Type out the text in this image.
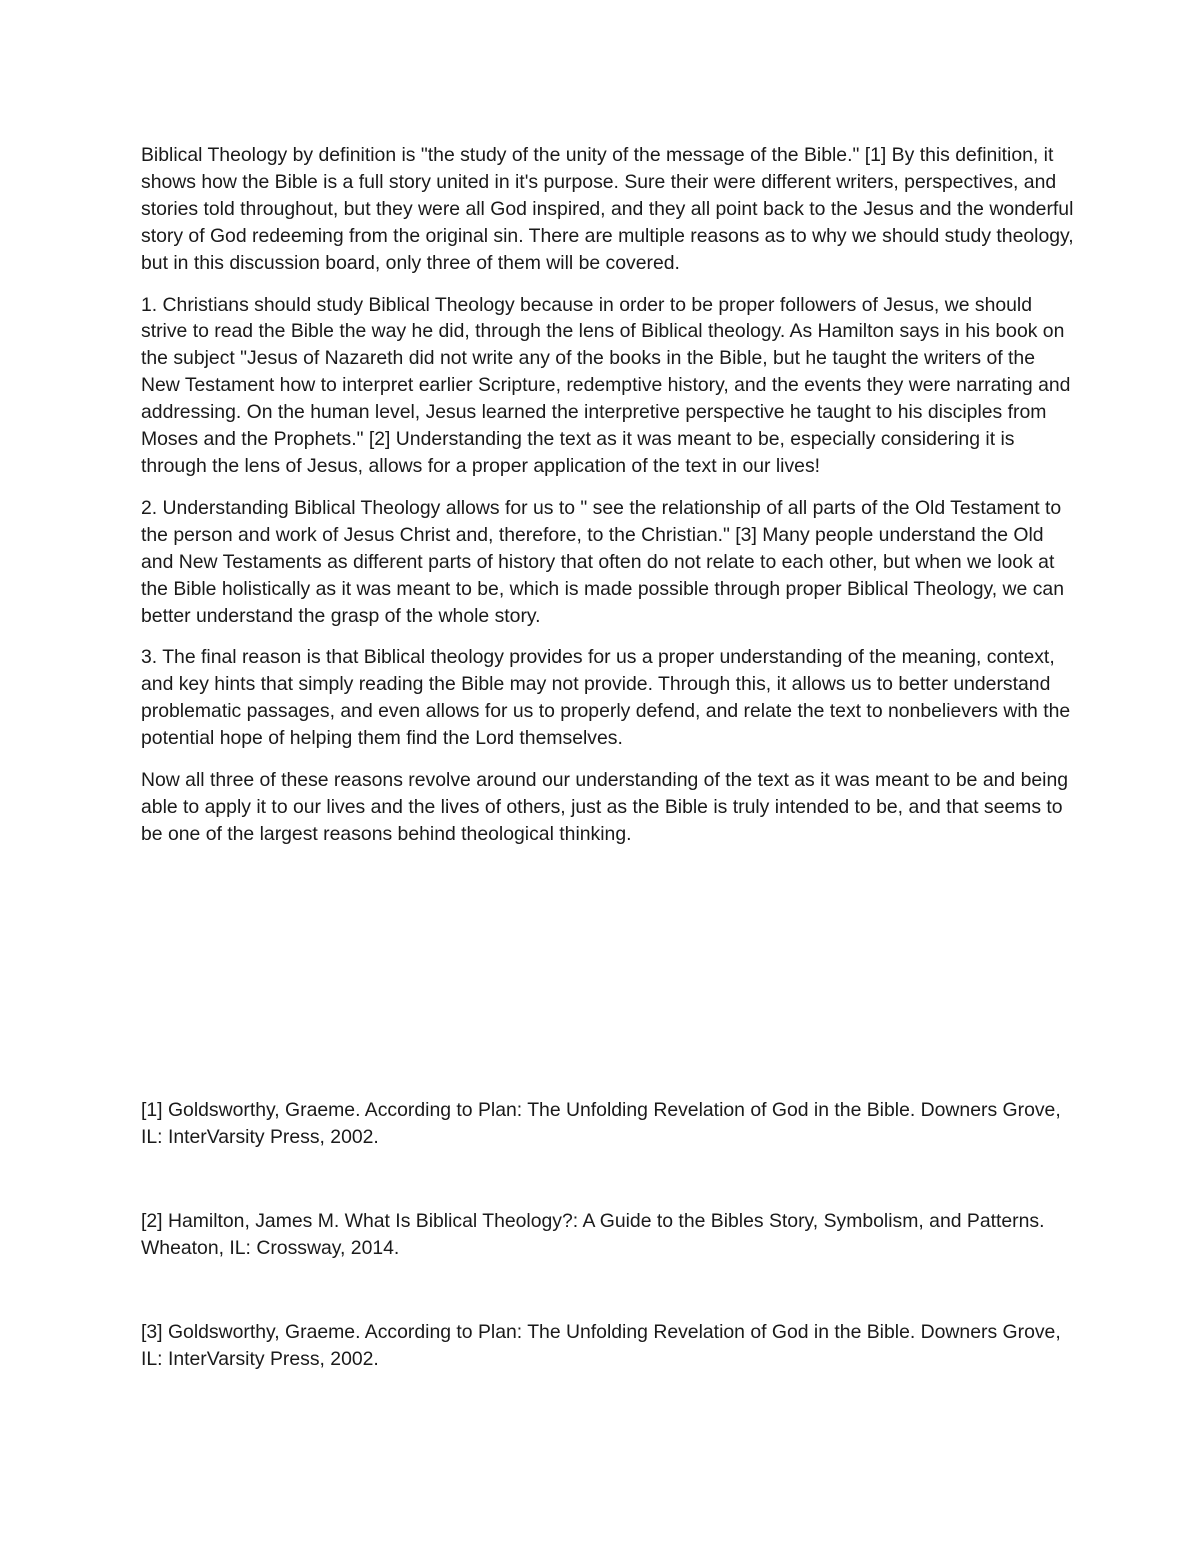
Biblical Theology by definition is "the study of the unity of the message of the Bible." [1] By this definition, it shows how the Bible is a full story united in it's purpose. Sure their were different writers, perspectives, and stories told throughout, but they were all God inspired, and they all point back to the Jesus and the wonderful story of God redeeming from the original sin. There are multiple reasons as to why we should study theology, but in this discussion board, only three of them will be covered.

1. Christians should study Biblical Theology because in order to be proper followers of Jesus, we should strive to read the Bible the way he did, through the lens of Biblical theology. As Hamilton says in his book on the subject "Jesus of Nazareth did not write any of the books in the Bible, but he taught the writers of the New Testament how to interpret earlier Scripture, redemptive history, and the events they were narrating and addressing. On the human level, Jesus learned the interpretive perspective he taught to his disciples from Moses and the Prophets." [2] Understanding the text as it was meant to be, especially considering it is through the lens of Jesus, allows for a proper application of the text in our lives!

2. Understanding Biblical Theology allows for us to " see the relationship of all parts of the Old Testament to the person and work of Jesus Christ and, therefore, to the Christian." [3] Many people understand the Old and New Testaments as different parts of history that often do not relate to each other, but when we look at the Bible holistically as it was meant to be, which is made possible through proper Biblical Theology, we can better understand the grasp of the whole story.

3. The final reason is that Biblical theology provides for us a proper understanding of the meaning, context, and key hints that simply reading the Bible may not provide. Through this, it allows us to better understand problematic passages, and even allows for us to properly defend, and relate the text to nonbelievers with the potential hope of helping them find the Lord themselves.

Now all three of these reasons revolve around our understanding of the text as it was meant to be and being able to apply it to our lives and the lives of others, just as the Bible is truly intended to be, and that seems to be one of the largest reasons behind theological thinking.

[1] Goldsworthy, Graeme. According to Plan: The Unfolding Revelation of God in the Bible. Downers Grove, IL: InterVarsity Press, 2002.

[2] Hamilton, James M. What Is Biblical Theology?: A Guide to the Bibles Story, Symbolism, and Patterns. Wheaton, IL: Crossway, 2014.

[3] Goldsworthy, Graeme. According to Plan: The Unfolding Revelation of God in the Bible. Downers Grove, IL: InterVarsity Press, 2002.
